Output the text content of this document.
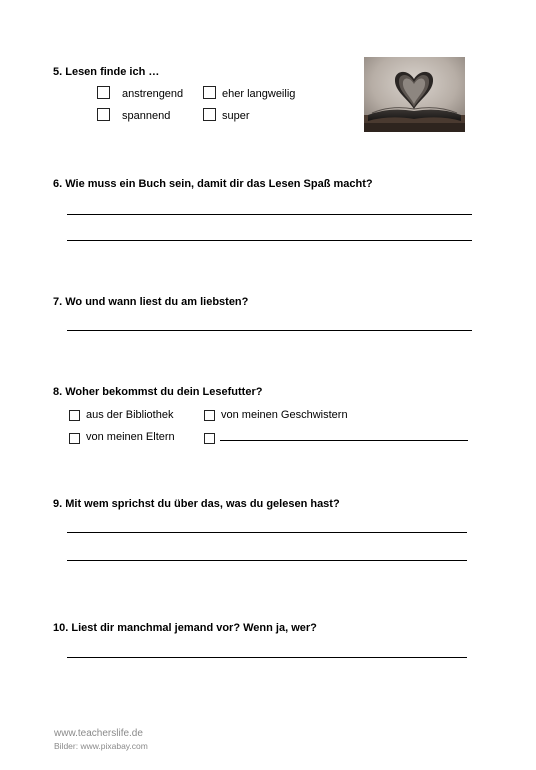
5. Lesen finde ich …
anstrengend	eher langweilig
spannend	super
6. Wie muss ein Buch sein, damit dir das Lesen Spaß macht?
7. Wo und wann liest du am liebsten?
8. Woher bekommst du dein Lesefutter?
aus der Bibliothek	von meinen Geschwistern
von meinen Eltern
9. Mit wem sprichst du über das, was du gelesen hast?
10. Liest dir manchmal jemand vor? Wenn ja, wer?
www.teacherslife.de
Bilder: www.pixabay.com
